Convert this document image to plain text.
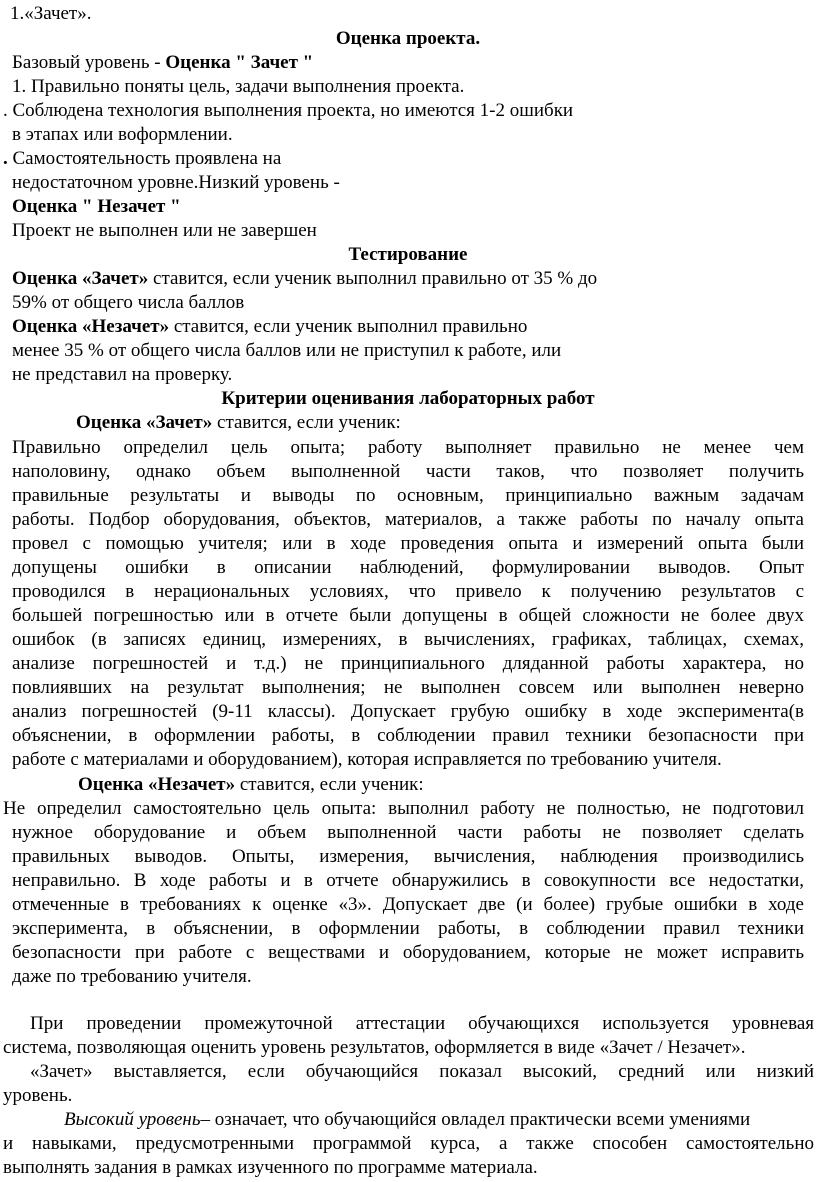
1.«Зачет».
Оценка проекта.
Базовый уровень - Оценка " Зачет "
1. Правильно поняты цель, задачи выполнения проекта.
. Соблюдена технология выполнения проекта, но имеются 1-2 ошибки
в этапах или воформлении.
. Самостоятельность проявлена на
недостаточном уровне.Низкий уровень -
Оценка " Незачет "
Проект не выполнен или не завершен
Тестирование
Оценка «Зачет» ставится, если ученик выполнил правильно от 35 % до
59% от общего числа баллов
Оценка «Незачет» ставится, если ученик выполнил правильно
менее 35 % от общего числа баллов или не приступил к работе, или
не представил на проверку.
Критерии оценивания лабораторных работ
Оценка «Зачет» ставится, если ученик:
Правильно определил цель опыта; работу выполняет правильно не менее чем
наполовину, однако объем выполненной части таков, что позволяет получить
правильные результаты и выводы по основным, принципиально важным задачам
работы. Подбор оборудования, объектов, материалов, а также работы по началу опыта
провел с помощью учителя; или в ходе проведения опыта и измерений опыта были
допущены ошибки в описании наблюдений, формулировании выводов. Опыт
проводился в нерациональных условиях, что привело к получению результатов с
большей погрешностью или в отчете были допущены в общей сложности не более двух
ошибок (в записях единиц, измерениях, в вычислениях, графиках, таблицах, схемах,
анализе погрешностей и т.д.) не принципиального дляданной работы характера, но
повлиявших на результат выполнения; не выполнен совсем или выполнен неверно
анализ погрешностей (9-11 классы). Допускает грубую ошибку в ходе эксперимента(в
объяснении, в оформлении работы, в соблюдении правил техники безопасности при
работе с материалами и оборудованием), которая исправляется по требованию учителя.
Оценка «Незачет» ставится, если ученик:
Не определил самостоятельно цель опыта: выполнил работу не полностью, не подготовил
нужное оборудование и объем выполненной части работы не позволяет сделать
правильных выводов. Опыты, измерения, вычисления, наблюдения производились
неправильно. В ходе работы и в отчете обнаружились в совокупности все недостатки,
отмеченные в требованиях к оценке «3». Допускает две (и более) грубые ошибки в ходе
эксперимента, в объяснении, в оформлении работы, в соблюдении правил техники
безопасности при работе с веществами и оборудованием, которые не может исправить
даже по требованию учителя.
При проведении промежуточной аттестации обучающихся используется уровневая
система, позволяющая оценить уровень результатов, оформляется в виде «Зачет / Незачет».
«Зачет» выставляется, если обучающийся показал высокий, средний или низкий
уровень.
Высокий уровень– означает, что обучающийся овладел практически всеми умениями
и навыками, предусмотренными программой курса, а также способен самостоятельно
выполнять задания в рамках изученного по программе материала.
